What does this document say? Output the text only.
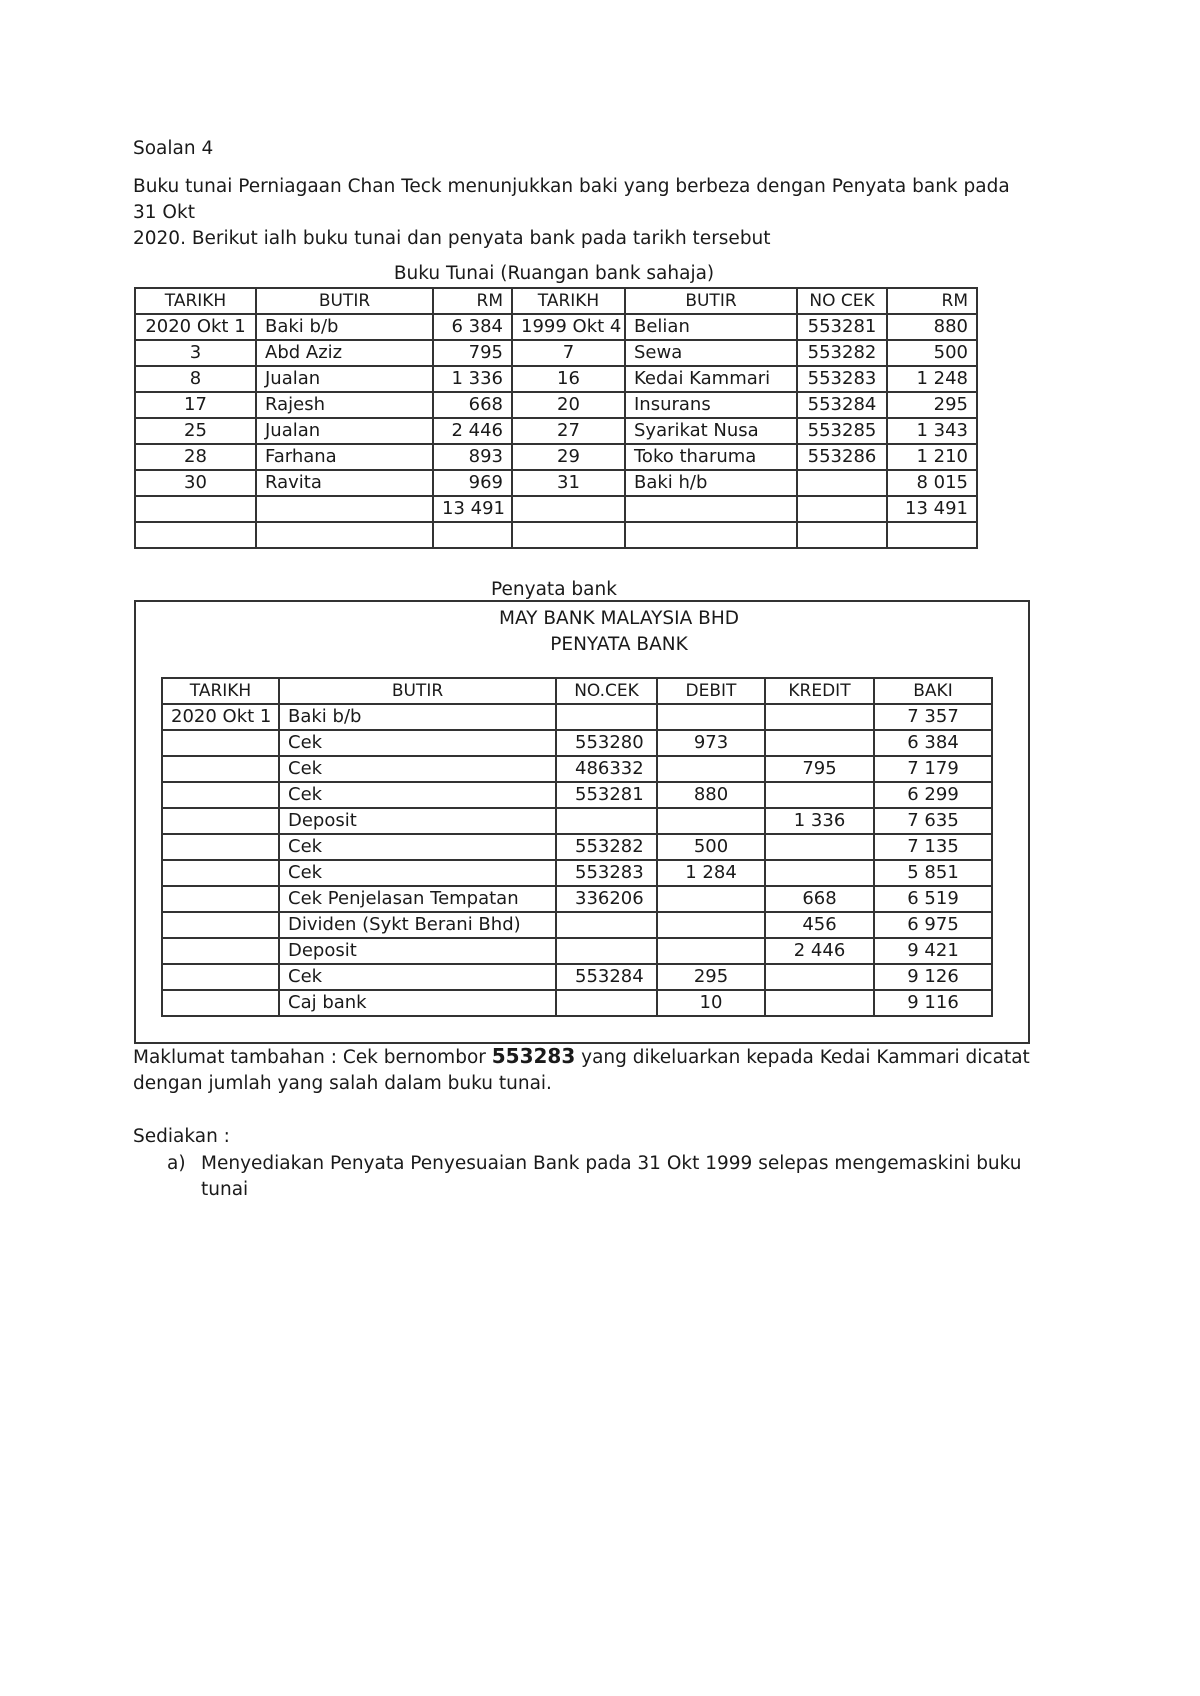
Soalan 4
Buku tunai Perniagaan Chan Teck menunjukkan baki yang berbeza dengan Penyata bank pada 31 Okt
2020. Berikut ialh buku tunai dan penyata bank pada tarikh tersebut
Buku Tunai (Ruangan bank sahaja)
TARIKH	BUTIR	RM	TARIKH	BUTIR	NO CEK	RM
2020 Okt 1	Baki b/b	6 384	1999 Okt 4	Belian	553281	880
3	Abd Aziz	795	7	Sewa	553282	500
8	Jualan	1 336	16	Kedai Kammari	553283	1 248
17	Rajesh	668	20	Insurans	553284	295
25	Jualan	2 446	27	Syarikat Nusa	553285	1 343
28	Farhana	893	29	Toko tharuma	553286	1 210
30	Ravita	969	31	Baki h/b		8 015
		13 491				13 491

Penyata bank
MAY BANK MALAYSIA BHD
PENYATA BANK
TARIKH	BUTIR	NO.CEK	DEBIT	KREDIT	BAKI
2020 Okt 1	Baki b/b				7 357
	Cek	553280	973		6 384
	Cek	486332		795	7 179
	Cek	553281	880		6 299
	Deposit			1 336	7 635
	Cek	553282	500		7 135
	Cek	553283	1 284		5 851
	Cek Penjelasan Tempatan	336206		668	6 519
	Dividen (Sykt Berani Bhd)			456	6 975
	Deposit			2 446	9 421
	Cek	553284	295		9 126
	Caj bank		10		9 116
Maklumat tambahan : Cek bernombor 553283 yang dikeluarkan kepada Kedai Kammari dicatat
dengan jumlah yang salah dalam buku tunai.
Sediakan :
a) Menyediakan Penyata Penyesuaian Bank pada 31 Okt 1999 selepas mengemaskini buku
tunai
